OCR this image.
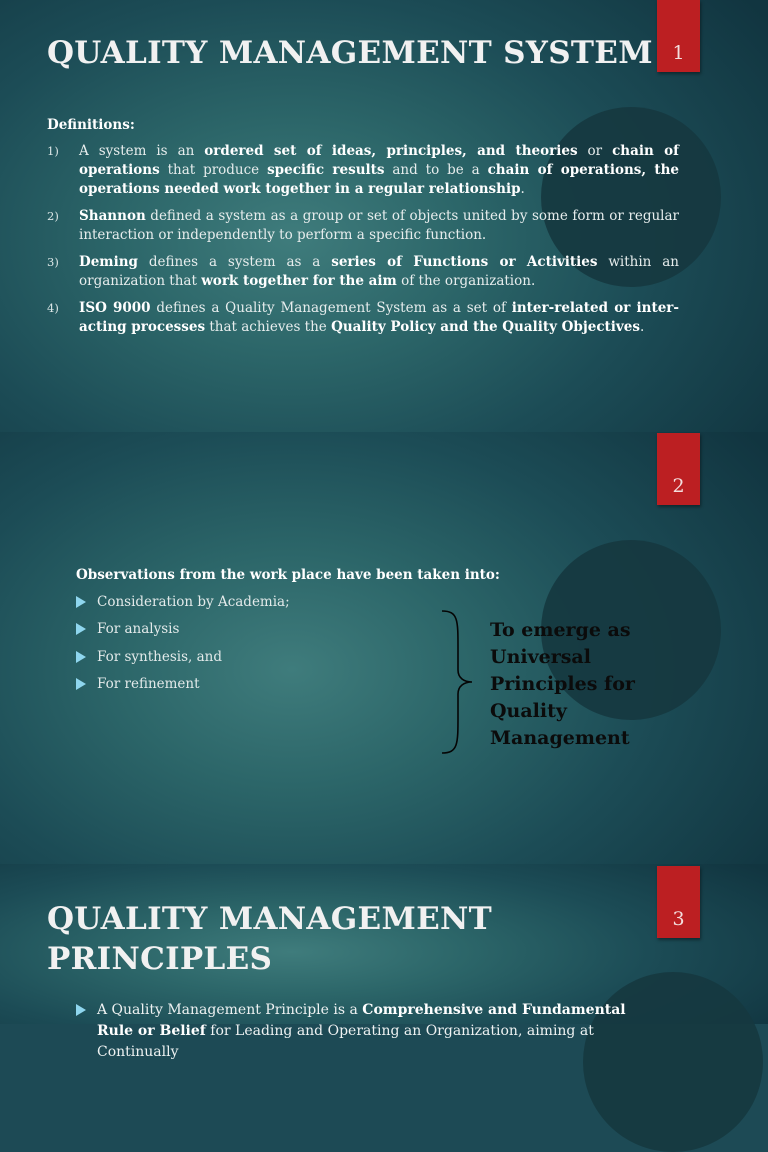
1
QUALITY MANAGEMENT SYSTEM
Definitions:
1) A system is an ordered set of ideas, principles, and theories or chain of operations that produce specific results and to be a chain of operations, the operations needed work together in a regular relationship.
2) Shannon defined a system as a group or set of objects united by some form or regular interaction or independently to perform a specific function.
3) Deming defines a system as a series of Functions or Activities within an organization that work together for the aim of the organization.
4) ISO 9000 defines a Quality Management System as a set of inter-related or inter-acting processes that achieves the Quality Policy and the Quality Objectives.
2
Observations from the work place have been taken into:
Consideration by Academia;
For analysis
For synthesis, and
For refinement
To emerge as
Universal
Principles for
Quality
Management
3
QUALITY MANAGEMENT
PRINCIPLES
A Quality Management Principle is a Comprehensive and Fundamental Rule or Belief for Leading and Operating an Organization, aiming at Continually
